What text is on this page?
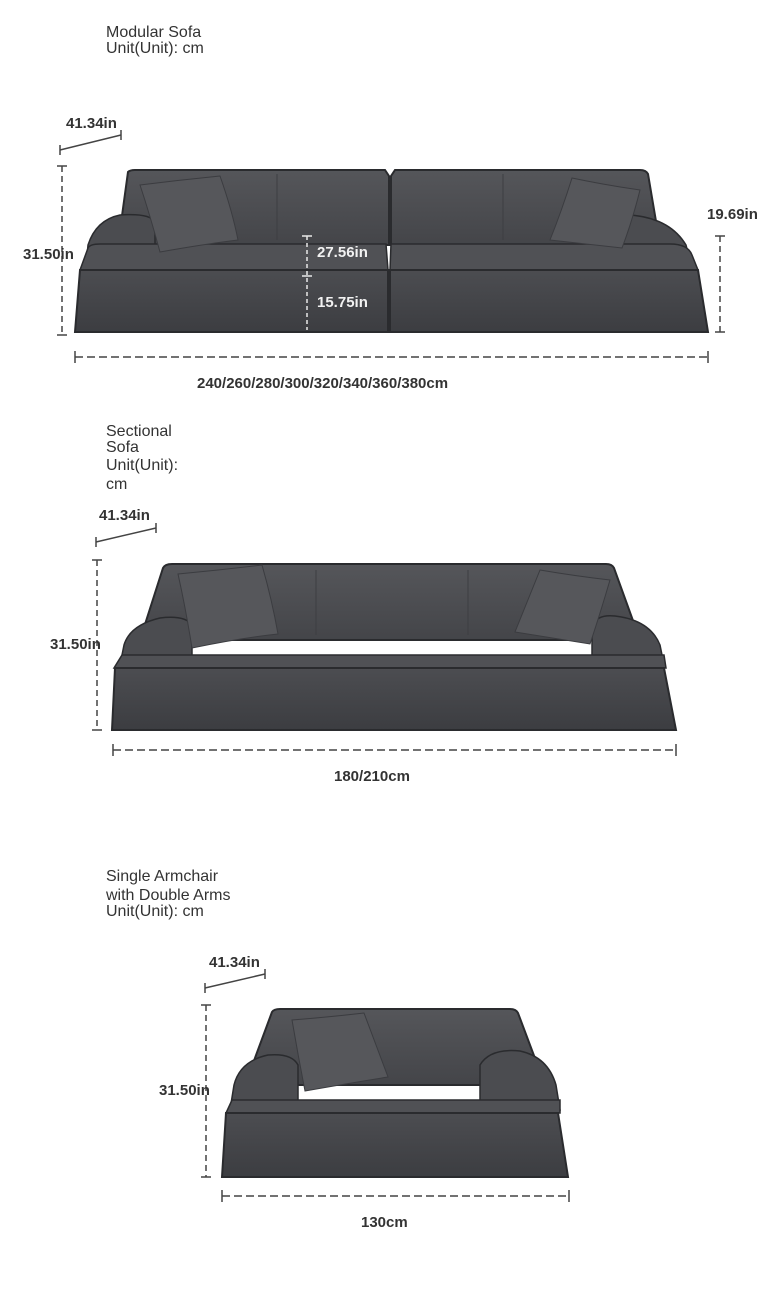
Modular Sofa
Unit(Unit): cm
41.34in
31.50in	27.56in
15.75in
19.69in
240/260/280/300/320/340/360/380cm
Sectional
Sofa
Unit(Unit):
cm
41.34in
31.50in
180/210cm
Single Armchair
with Double Arms
Unit(Unit): cm
41.34in
31.50in
130cm
